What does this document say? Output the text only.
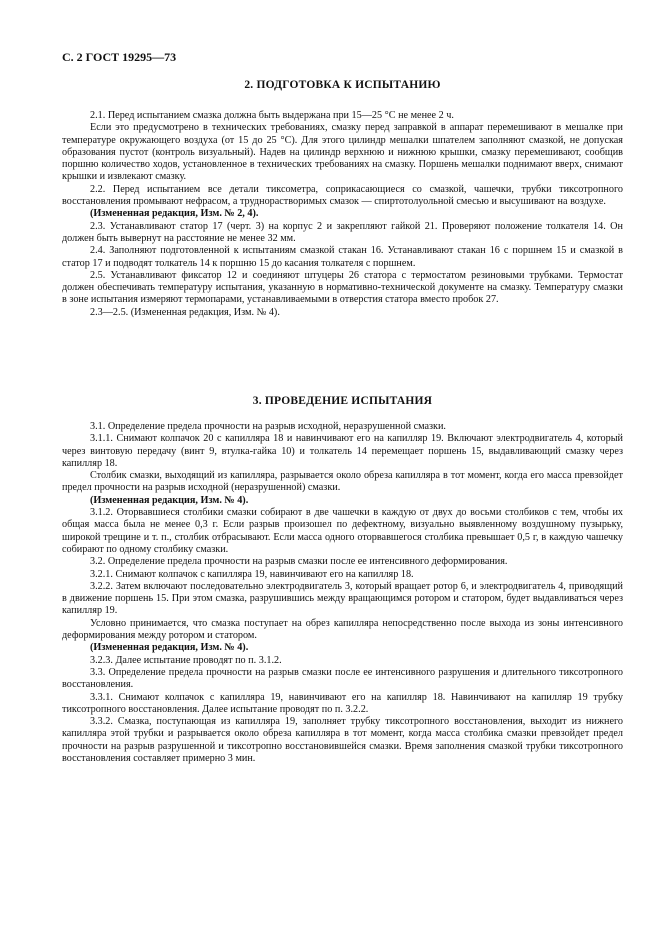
С. 2 ГОСТ 19295—73
2. ПОДГОТОВКА К ИСПЫТАНИЮ

2.1. Перед испытанием смазка должна быть выдержана при 15—25 °С не менее 2 ч.

Если это предусмотрено в технических требованиях, смазку перед заправкой в аппарат перемешивают в мешалке при температуре окружающего воздуха (от 15 до 25 °С). Для этого цилиндр мешалки шпателем заполняют смазкой, не допуская образования пустот (контроль визуальный). Надев на цилиндр верхнюю и нижнюю крышки, смазку перемешивают, сообщив поршню количество ходов, установленное в технических требованиях на смазку. Поршень мешалки поднимают вверх, снимают крышки и извлекают смазку.

2.2. Перед испытанием все детали тиксометра, соприкасающиеся со смазкой, чашечки, трубки тиксотропного восстановления промывают нефрасом, а труднорастворимых смазок — спиртотолуольной смесью и высушивают на воздухе.

(Измененная редакция, Изм. № 2, 4).

2.3. Устанавливают статор 17 (черт. 3) на корпус 2 и закрепляют гайкой 21. Проверяют положение толкателя 14. Он должен быть вывернут на расстояние не менее 32 мм.

2.4. Заполняют подготовленной к испытаниям смазкой стакан 16. Устанавливают стакан 16 с поршнем 15 и смазкой в статор 17 и подводят толкатель 14 к поршню 15 до касания толкателя с поршнем.

2.5. Устанавливают фиксатор 12 и соединяют штуцеры 26 статора с термостатом резиновыми трубками. Термостат должен обеспечивать температуру испытания, указанную в нормативно-технической документе на смазку. Температуру смазки в зоне испытания измеряют термопарами, устанавливаемыми в отверстия статора вместо пробок 27.

2.3—2.5. (Измененная редакция, Изм. № 4).

3. ПРОВЕДЕНИЕ ИСПЫТАНИЯ

3.1. Определение предела прочности на разрыв исходной, неразрушенной смазки.

3.1.1. Снимают колпачок 20 с капилляра 18 и навинчивают его на капилляр 19. Включают электродвигатель 4, который через винтовую передачу (винт 9, втулка-гайка 10) и толкатель 14 перемещает поршень 15, выдавливающий смазку через капилляр 18.

Столбик смазки, выходящий из капилляра, разрывается около обреза капилляра в тот момент, когда его масса превзойдет предел прочности на разрыв исходной (неразрушенной) смазки.

(Измененная редакция, Изм. № 4).

3.1.2. Оторвавшиеся столбики смазки собирают в две чашечки в каждую от двух до восьми столбиков с тем, чтобы их общая масса была не менее 0,3 г. Если разрыв произошел по дефектному, визуально выявленному воздушному пузырьку, широкой трещине и т. п., столбик отбрасывают. Если масса одного оторвавшегося столбика превышает 0,5 г, в каждую чашечку собирают по одному столбику смазки.

3.2. Определение предела прочности на разрыв смазки после ее интенсивного деформирования.

3.2.1. Снимают колпачок с капилляра 19, навинчивают его на капилляр 18.

3.2.2. Затем включают последовательно электродвигатель 3, который вращает ротор 6, и электродвигатель 4, приводящий в движение поршень 15. При этом смазка, разрушившись между вращающимся ротором и статором, будет выдавливаться через капилляр 19.

Условно принимается, что смазка поступает на обрез капилляра непосредственно после выхода из зоны интенсивного деформирования между ротором и статором.

(Измененная редакция, Изм. № 4).

3.2.3. Далее испытание проводят по п. 3.1.2.

3.3. Определение предела прочности на разрыв смазки после ее интенсивного разрушения и длительного тиксотропного восстановления.

3.3.1. Снимают колпачок с капилляра 19, навинчивают его на капилляр 18. Навинчивают на капилляр 19 трубку тиксотропного восстановления. Далее испытание проводят по п. 3.2.2.

3.3.2. Смазка, поступающая из капилляра 19, заполняет трубку тиксотропного восстановления, выходит из нижнего капилляра этой трубки и разрывается около обреза капилляра в тот момент, когда масса столбика смазки превзойдет предел прочности на разрыв разрушенной и тиксотропно восстановившейся смазки. Время заполнения смазкой трубки тиксотропного восстановления составляет примерно 3 мин.
